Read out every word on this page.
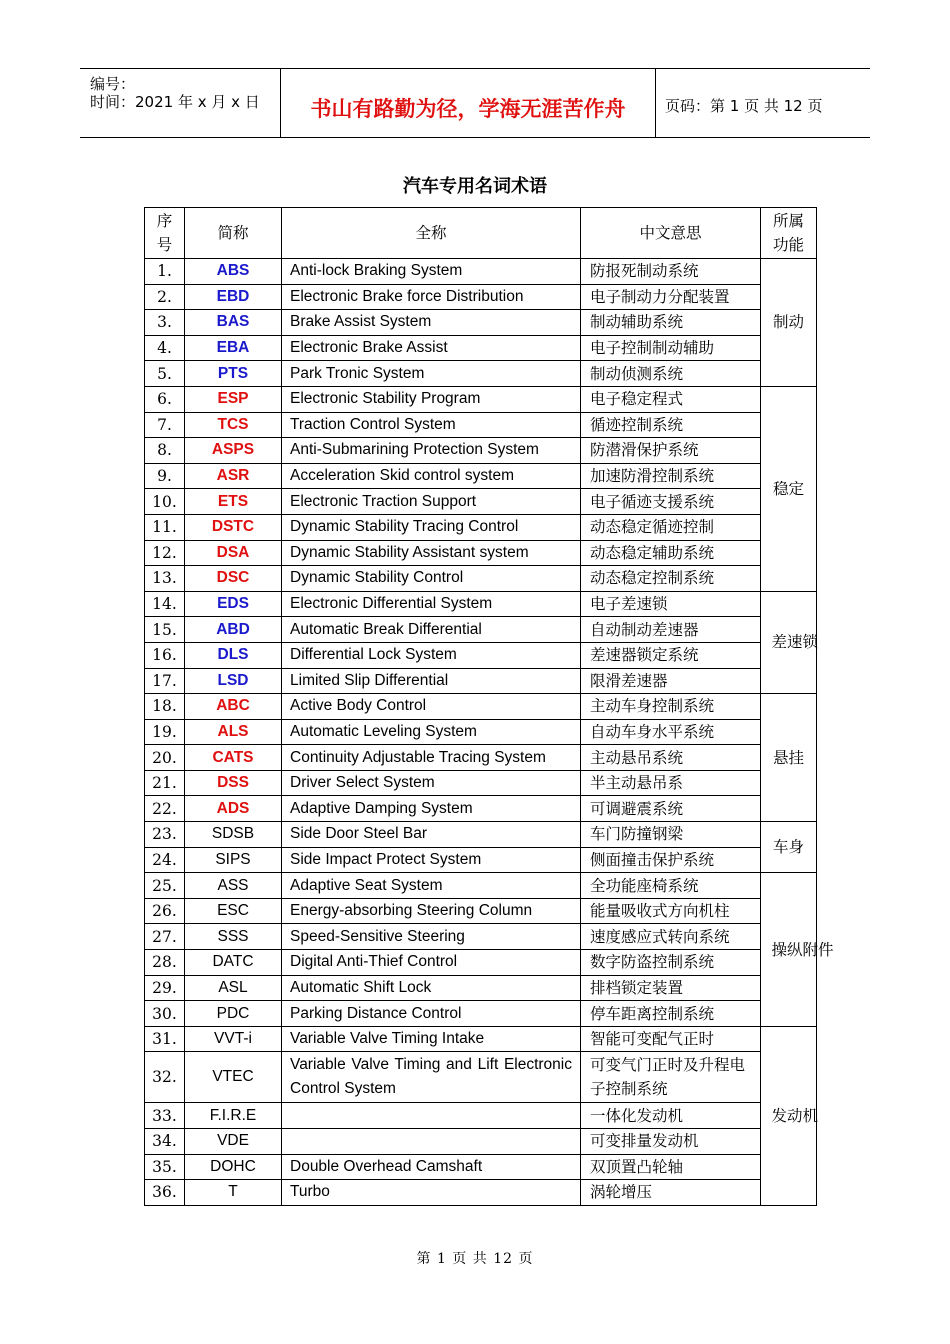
编号：
时间：2021 年 x 月 x 日	书山有路勤为径，学海无涯苦作舟	页码：第 1 页 共 12 页
汽车专用名词术语
序号	简称	全称	中文意思	所属功能
1.	ABS	Anti-lock Braking System	防报死制动系统	制动
2.	EBD	Electronic Brake force Distribution	电子制动力分配装置	
3.	BAS	Brake Assist System	制动辅助系统	
4.	EBA	Electronic Brake Assist	电子控制制动辅助	
5.	PTS	Park Tronic System	制动侦测系统	
6.	ESP	Electronic Stability Program	电子稳定程式	稳定
7.	TCS	Traction Control System	循迹控制系统	
8.	ASPS	Anti-Submarining Protection System	防潜滑保护系统	
9.	ASR	Acceleration Skid control system	加速防滑控制系统	
10.	ETS	Electronic Traction Support	电子循迹支援系统	
11.	DSTC	Dynamic Stability Tracing Control	动态稳定循迹控制	
12.	DSA	Dynamic Stability Assistant system	动态稳定辅助系统	
13.	DSC	Dynamic Stability Control	动态稳定控制系统	
14.	EDS	Electronic Differential System	电子差速锁	差速锁
15.	ABD	Automatic Break Differential	自动制动差速器	
16.	DLS	Differential Lock System	差速器锁定系统	
17.	LSD	Limited Slip Differential	限滑差速器	
18.	ABC	Active Body Control	主动车身控制系统	悬挂
19.	ALS	Automatic Leveling System	自动车身水平系统	
20.	CATS	Continuity Adjustable Tracing System	主动悬吊系统	
21.	DSS	Driver Select System	半主动悬吊系	
22.	ADS	Adaptive Damping System	可调避震系统	
23.	SDSB	Side Door Steel Bar	车门防撞钢梁	车身
24.	SIPS	Side Impact Protect System	侧面撞击保护系统	
25.	ASS	Adaptive Seat System	全功能座椅系统	操纵附件
26.	ESC	Energy-absorbing Steering Column	能量吸收式方向机柱	
27.	SSS	Speed-Sensitive Steering	速度感应式转向系统	
28.	DATC	Digital Anti-Thief Control	数字防盗控制系统	
29.	ASL	Automatic Shift Lock	排档锁定装置	
30.	PDC	Parking Distance Control	停车距离控制系统	
31.	VVT-i	Variable Valve Timing Intake	智能可变配气正时	发动机
32.	VTEC	Variable Valve Timing and Lift Electronic Control System	可变气门正时及升程电子控制系统	
33.	F.I.R.E		一体化发动机	
34.	VDE		可变排量发动机	
35.	DOHC	Double Overhead Camshaft	双顶置凸轮轴	
36.	T	Turbo	涡轮增压	
第 1 页 共 12 页
